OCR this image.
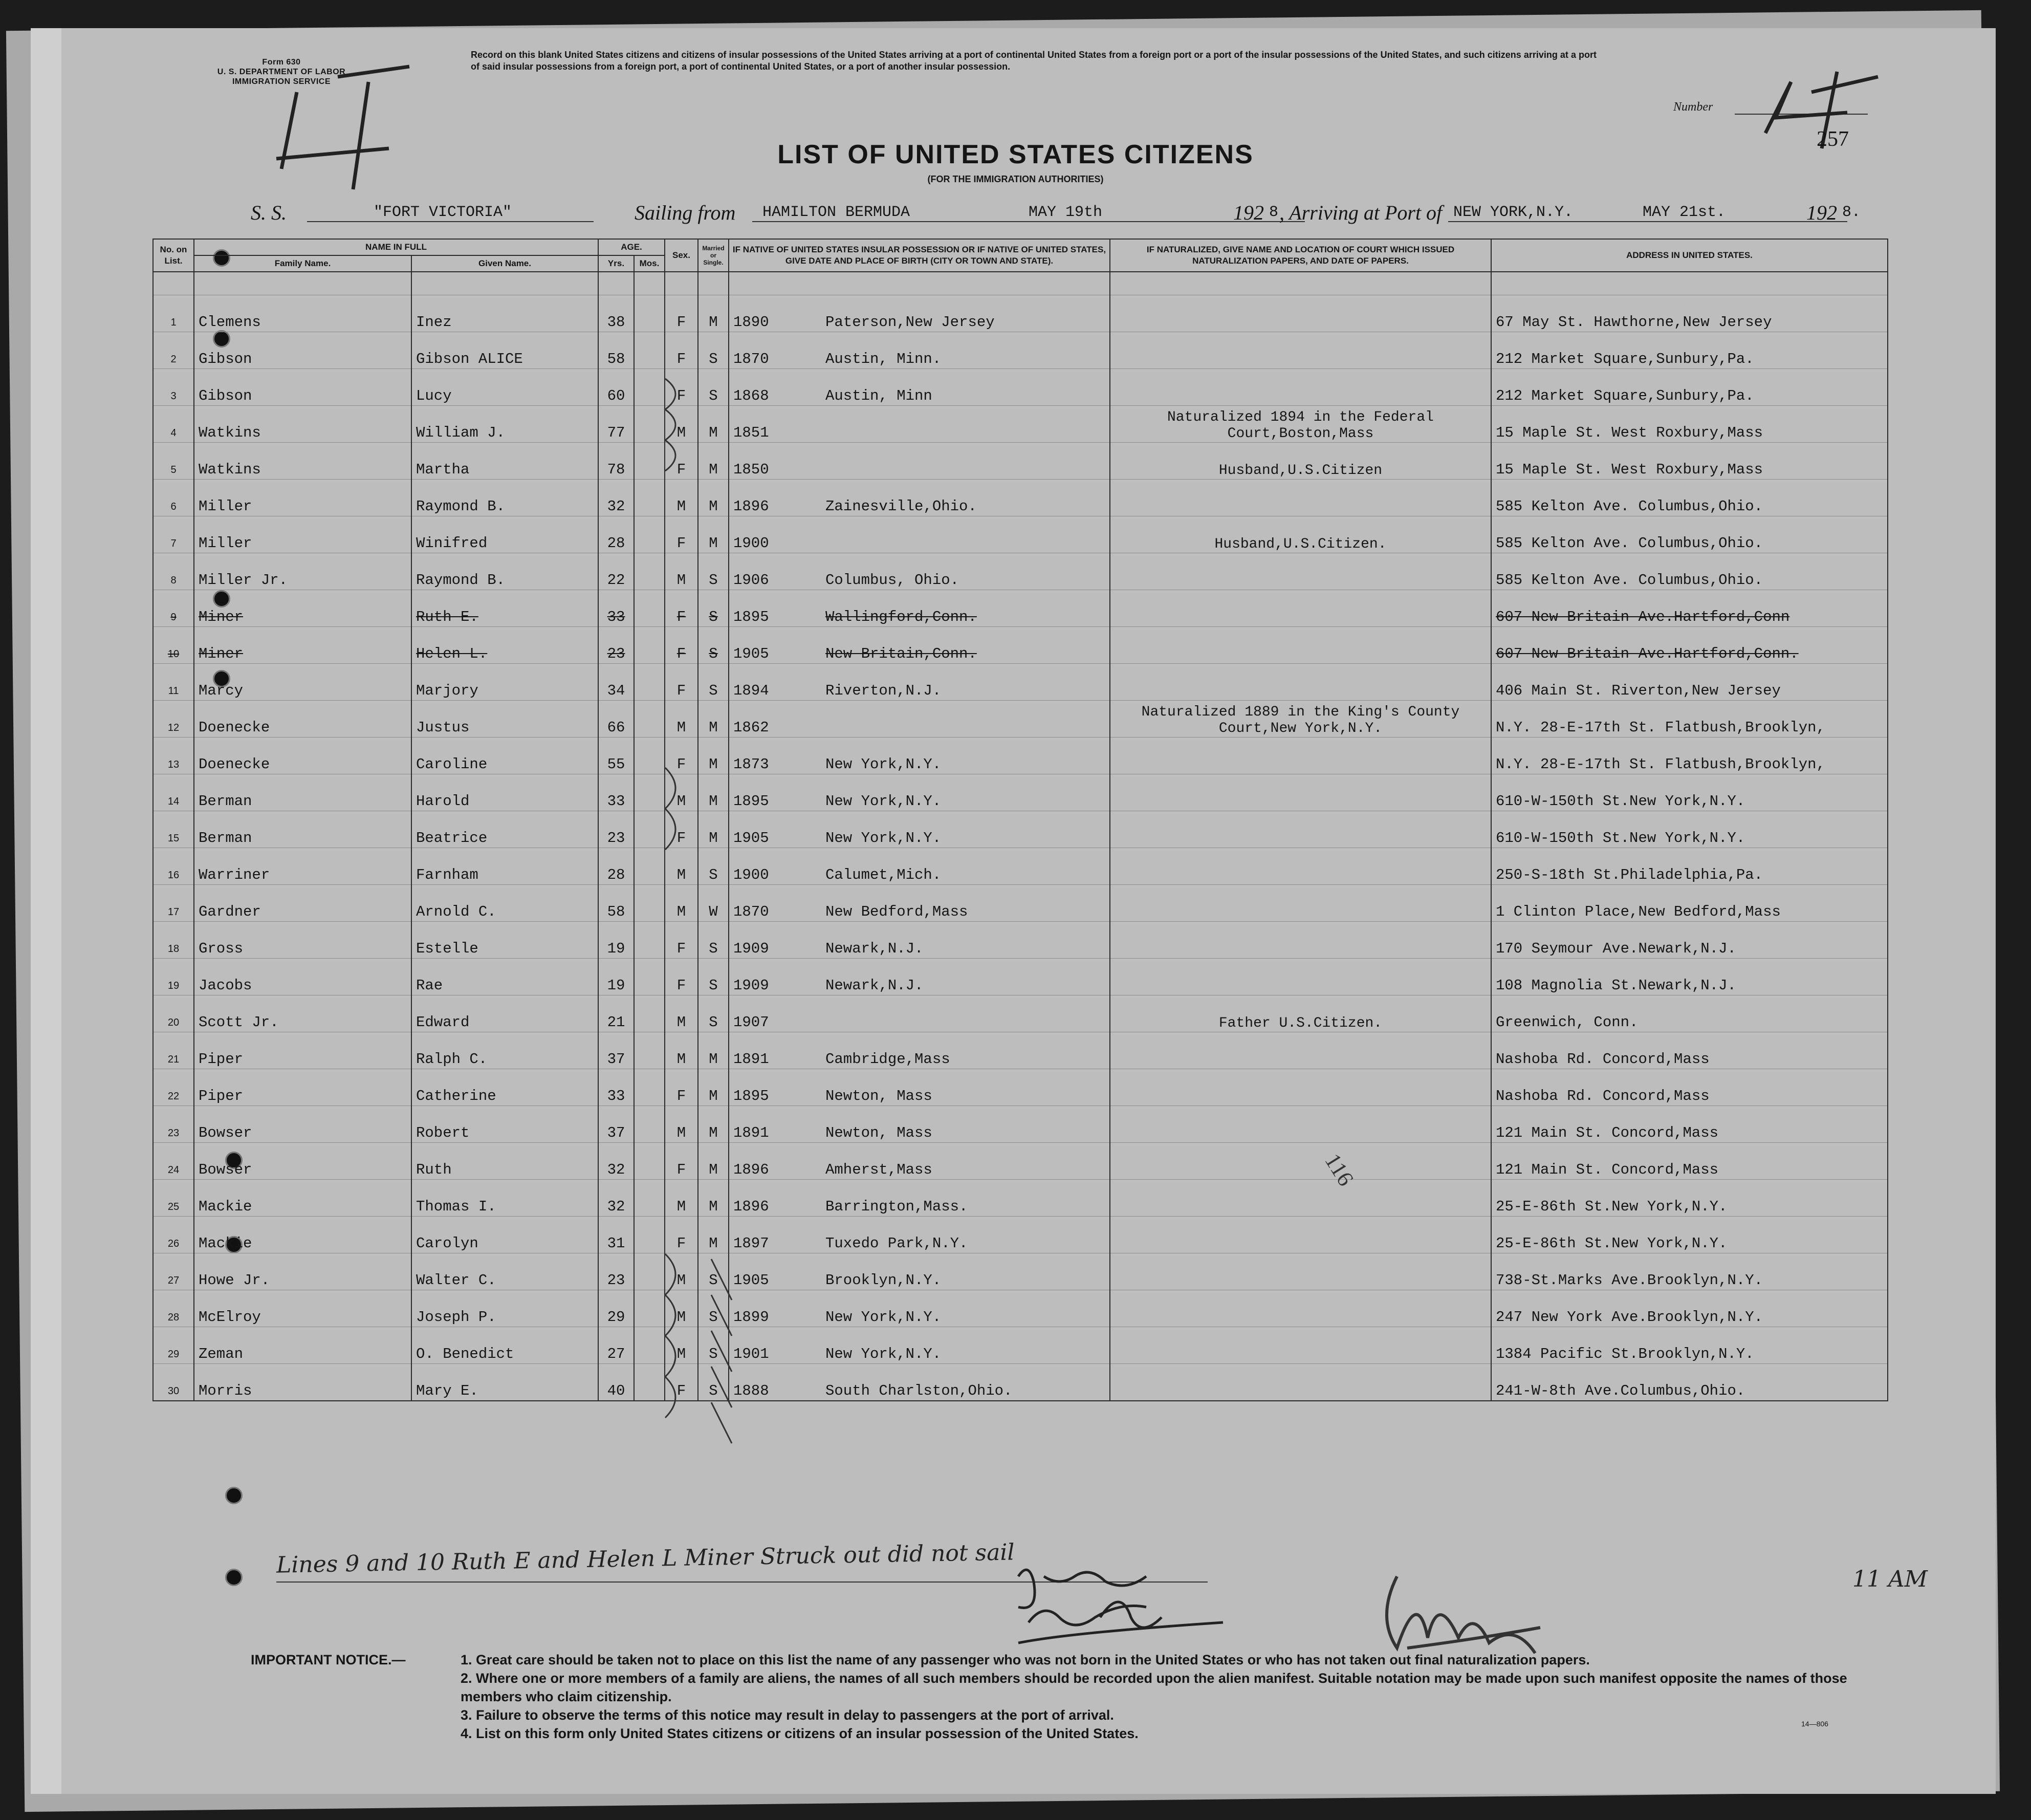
Form 630
U. S. DEPARTMENT OF LABOR
IMMIGRATION SERVICE
Record on this blank United States citizens and citizens of insular possessions of the United States arriving at a port of continental United States from a foreign port or a port of the insular possessions of the United States, and such citizens arriving at a port of said insular possessions from a foreign port, a port of continental United States, or a port of another insular possession.
Number
257
LIST OF UNITED STATES CITIZENS
(FOR THE IMMIGRATION AUTHORITIES)
S. S.	"FORT VICTORIA"	Sailing from HAMILTON BERMUDA	MAY 19th	192 8 , Arriving at Port of NEW YORK,N.Y.	MAY 21st.	192 8.
No. on List.	NAME IN FULL		AGE.		Sex.	Married or Single.	IF NATIVE OF UNITED STATES INSULAR POSSESSION OR IF NATIVE OF UNITED STATES, GIVE DATE AND PLACE OF BIRTH (CITY OR TOWN AND STATE).	IF NATURALIZED, GIVE NAME AND LOCATION OF COURT WHICH ISSUED NATURALIZATION PAPERS, AND DATE OF PAPERS.	ADDRESS IN UNITED STATES.
	Family Name.	Given Name.	Yrs.	Mos.					

1	Clemens	Inez	38		F	M	1890 Paterson,New Jersey		67 May St. Hawthorne,New Jersey
2	Gibson	Gibson ALICE	58		F	S	1870 Austin, Minn.		212 Market Square,Sunbury,Pa.
3	Gibson	Lucy	60		F	S	1868 Austin, Minn		212 Market Square,Sunbury,Pa.
4	Watkins	William J.	77		M	M	1851	Naturalized 1894 in the Federal Court,Boston,Mass	15 Maple St. West Roxbury,Mass
5	Watkins	Martha	78		F	M	1850	Husband,U.S.Citizen	15 Maple St. West Roxbury,Mass
6	Miller	Raymond B.	32		M	M	1896 Zainesville,Ohio.		585 Kelton Ave. Columbus,Ohio.
7	Miller	Winifred	28		F	M	1900	Husband,U.S.Citizen.	585 Kelton Ave. Columbus,Ohio.
8	Miller Jr.	Raymond B.	22		M	S	1906 Columbus, Ohio.		585 Kelton Ave. Columbus,Ohio.
9	Miner	Ruth E.	33		F	S	1895 Wallingford,Conn.		607 New Britain Ave.Hartford,Conn
10	Miner	Helen L.	23		F	S	1905 New Britain,Conn.		607 New Britain Ave.Hartford,Conn.
11	Marcy	Marjory	34		F	S	1894 Riverton,N.J.		406 Main St. Riverton,New Jersey
12	Doenecke	Justus	66		M	M	1862	Naturalized 1889 in the King's County Court,New York,N.Y.	N.Y. 28-E-17th St. Flatbush,Brooklyn,
13	Doenecke	Caroline	55		F	M	1873 New York,N.Y.		N.Y. 28-E-17th St. Flatbush,Brooklyn,
14	Berman	Harold	33		M	M	1895 New York,N.Y.		610-W-150th St.New York,N.Y.
15	Berman	Beatrice	23		F	M	1905 New York,N.Y.		610-W-150th St.New York,N.Y.
16	Warriner	Farnham	28		M	S	1900 Calumet,Mich.		250-S-18th St.Philadelphia,Pa.
17	Gardner	Arnold C.	58		M	W	1870 New Bedford,Mass		1 Clinton Place,New Bedford,Mass
18	Gross	Estelle	19		F	S	1909 Newark,N.J.		170 Seymour Ave.Newark,N.J.
19	Jacobs	Rae	19		F	S	1909 Newark,N.J.		108 Magnolia St.Newark,N.J.
20	Scott Jr.	Edward	21		M	S	1907	Father U.S.Citizen.	Greenwich, Conn.
21	Piper	Ralph C.	37		M	M	1891 Cambridge,Mass		Nashoba Rd. Concord,Mass
22	Piper	Catherine	33		F	M	1895 Newton, Mass		Nashoba Rd. Concord,Mass
23	Bowser	Robert	37		M	M	1891 Newton, Mass		121 Main St. Concord,Mass
24	Bowser	Ruth	32		F	M	1896 Amherst,Mass		121 Main St. Concord,Mass
25	Mackie	Thomas I.	32		M	M	1896 Barrington,Mass.		25-E-86th St.New York,N.Y.
26	Mackie	Carolyn	31		F	M	1897 Tuxedo Park,N.Y.		25-E-86th St.New York,N.Y.
27	Howe Jr.	Walter C.	23		M	S	1905 Brooklyn,N.Y.		738-St.Marks Ave.Brooklyn,N.Y.
28	McElroy	Joseph P.	29		M	S	1899 New York,N.Y.		247 New York Ave.Brooklyn,N.Y.
29	Zeman	O. Benedict	27		M	S	1901 New York,N.Y.		1384 Pacific St.Brooklyn,N.Y.
30	Morris	Mary E.	40		F	S	1888 South Charlston,Ohio.		241-W-8th Ave.Columbus,Ohio.
116
Lines 9 and 10 Ruth E and Helen L Miner Struck out did not sail
11 AM
IMPORTANT NOTICE.—	1. Great care should be taken not to place on this list the name of any passenger who was not born in the United States or who has not taken out final naturalization papers.
2. Where one or more members of a family are aliens, the names of all such members should be recorded upon the alien manifest. Suitable notation may be made upon such manifest opposite the names of those members who claim citizenship.
3. Failure to observe the terms of this notice may result in delay to passengers at the port of arrival.
4. List on this form only United States citizens or citizens of an insular possession of the United States.
14—806
